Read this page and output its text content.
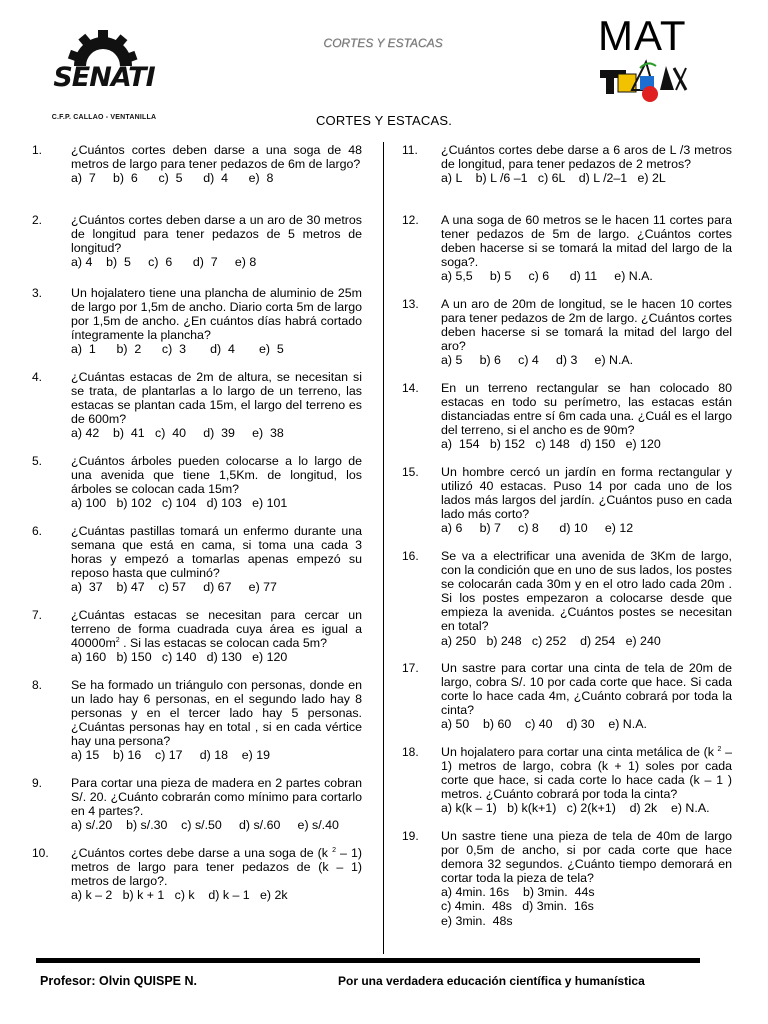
SENATI
C.F.P. CALLAO - VENTANILLA
CORTES Y ESTACAS	MAT
CORTES Y ESTACAS.
1.	¿Cuántos cortes deben darse a una soga de 48 metros de largo para tener pedazos de 6m de largo?
a)  7     b)  6      c)  5      d)  4      e)  8
2.	¿Cuántos cortes deben darse a un aro de 30 metros de longitud para tener pedazos de 5 metros de longitud?
a) 4    b)  5     c)  6      d)  7     e) 8
3.	Un hojalatero tiene una plancha de aluminio de 25m de largo por 1,5m de ancho. Diario corta 5m de largo por 1,5m de ancho. ¿En cuántos días habrá cortado íntegramente la plancha?
a)  1      b)  2      c)  3       d)  4       e)  5
4.	¿Cuántas estacas de 2m de altura, se necesitan si se trata, de plantarlas a lo largo de un terreno, las estacas se plantan cada 15m, el largo del terreno es de 600m?
a) 42    b)  41   c)  40     d)  39     e)  38
5.	¿Cuántos árboles pueden colocarse a lo largo de una avenida que tiene 1,5Km. de longitud, los árboles se colocan cada 15m?
a) 100   b) 102   c) 104   d) 103   e) 101
6.	¿Cuántas pastillas tomará un enfermo durante una semana que está en cama, si toma una cada 3 horas y empezó a tomarlas apenas empezó su reposo hasta que culminó?
a)  37    b) 47    c) 57     d) 67     e) 77
7.	¿Cuántas estacas se necesitan para cercar un terreno de forma cuadrada cuya área es igual a $40000m^2$ . Si las estacas se colocan cada 5m?
a) 160   b) 150   c) 140   d) 130   e) 120
8.	Se ha formado un triángulo con personas, donde en un lado hay 6 personas, en el segundo lado hay 8 personas y en el tercer lado hay 5 personas. ¿Cuántas personas hay en total , si en cada vértice hay una persona?
a) 15    b) 16    c) 17     d) 18    e) 19
9.	Para cortar una pieza de madera en 2 partes cobran S/. 20. ¿Cuánto cobrarán como mínimo para cortarlo en 4 partes?.
a) s/.20    b) s/.30    c) s/.50     d) s/.60     e) s/.40
10.	¿Cuántos cortes debe darse a una soga de (k $^2$ – 1) metros de largo para tener pedazos de (k – 1) metros de largo?.
a) k – 2   b) k + 1   c) k    d) k – 1   e) 2k
11.	¿Cuántos cortes debe darse a 6 aros de L /3 metros de longitud, para tener pedazos de 2 metros?
a) L    b) L /6 –1   c) 6L    d) L /2–1   e) 2L
12.	A una soga de 60 metros se le hacen 11 cortes para tener pedazos de 5m de largo. ¿Cuántos cortes deben hacerse si se tomará la mitad del largo de la soga?.
a) 5,5     b) 5     c) 6      d) 11     e) N.A.
13.	A un aro de 20m de longitud, se le hacen 10 cortes para tener pedazos de 2m de largo. ¿Cuántos cortes deben hacerse si se tomará la mitad del largo del aro?
a) 5     b) 6     c) 4     d) 3     e) N.A.
14.	En un terreno rectangular se han colocado 80 estacas en todo su perímetro, las estacas están distanciadas entre sí 6m cada una. ¿Cuál es el largo del terreno, si el ancho es de 90m?
a)  154   b) 152   c) 148   d) 150   e) 120
15.	Un hombre cercó un jardín en forma rectangular y utilizó 40 estacas. Puso 14 por cada uno de los lados más largos del jardín. ¿Cuántos puso en cada lado más corto?
a) 6     b) 7     c) 8      d) 10     e) 12
16.	Se va a electrificar una avenida de 3Km de largo, con la condición que en uno de sus lados, los postes se colocarán cada 30m y en el otro lado cada 20m . Si los postes empezaron a colocarse desde que empieza la avenida. ¿Cuántos postes se necesitan en total?
a) 250   b) 248   c) 252    d) 254   e) 240
17.	Un sastre para cortar una cinta de tela de 20m de largo, cobra S/. 10 por cada corte que hace. Si cada corte lo hace cada 4m, ¿Cuánto cobrará por toda la cinta?
a) 50    b) 60    c) 40    d) 30    e) N.A.
18.	Un hojalatero para cortar una cinta metálica de (k $^2$ –1) metros de largo, cobra (k + 1) soles por cada corte que hace, si cada corte lo hace cada (k – 1 ) metros. ¿Cuánto cobrará por toda la cinta?
a) k(k – 1)   b) k(k+1)   c) 2(k+1)    d) 2k    e) N.A.
19.	Un sastre tiene una pieza de tela de 40m de largo por 0,5m de ancho, si por cada corte que hace demora 32 segundos. ¿Cuánto tiempo demorará en cortar toda la pieza de tela?
a) 4min. 16s    b) 3min.  44s
c) 4min.  48s   d) 3min.  16s
e) 3min.  48s
Profesor: Olvin QUISPE N.	Por una verdadera educación científica y humanística
